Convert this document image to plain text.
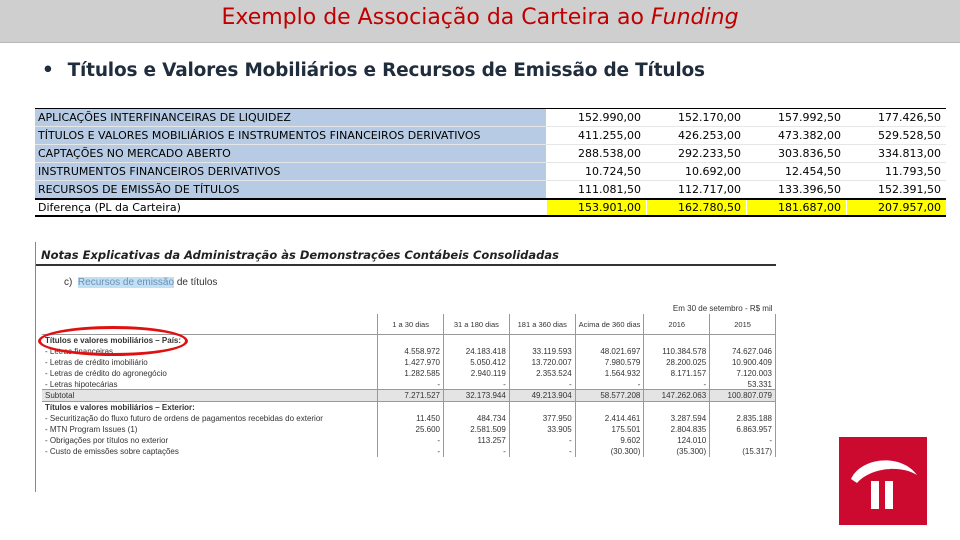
Exemplo de Associação da Carteira ao Funding
• Títulos e Valores Mobiliários e Recursos de Emissão de Títulos
APLICAÇÕES INTERFINANCEIRAS DE LIQUIDEZ	152.990,00	152.170,00	157.992,50	177.426,50
TÍTULOS E VALORES MOBILIÁRIOS E INSTRUMENTOS FINANCEIROS DERIVATIVOS	411.255,00	426.253,00	473.382,00	529.528,50
CAPTAÇÕES NO MERCADO ABERTO	288.538,00	292.233,50	303.836,50	334.813,00
INSTRUMENTOS FINANCEIROS DERIVATIVOS	10.724,50	10.692,00	12.454,50	11.793,50
RECURSOS DE EMISSÃO DE TÍTULOS	111.081,50	112.717,00	133.396,50	152.391,50
Diferença (PL da Carteira)	153.901,00	162.780,50	181.687,00	207.957,00
Notas Explicativas da Administração às Demonstrações Contábeis Consolidadas
c) Recursos de emissão de títulos
Em 30 de setembro - R$ mil						
	1 a 30 dias	31 a 180 dias	181 a 360 dias	Acima de 360 dias	2016	2015
Títulos e valores mobiliários – País:						
- Letras financeiras	4.558.972	24.183.418	33.119.593	48.021.697	110.384.578	74.627.046
- Letras de crédito imobiliário	1.427.970	5.050.412	13.720.007	7.980.579	28.200.025	10.900.409
- Letras de crédito do agronegócio	1.282.585	2.940.119	2.353.524	1.564.932	8.171.157	7.120.003
- Letras hipotecárias	-	-	-	-	-	53.331
Subtotal	7.271.527	32.173.944	49.213.904	58.577.208	147.262.063	100.807.079
Títulos e valores mobiliários – Exterior:						
- Securitização do fluxo futuro de ordens de pagamentos recebidas do exterior	11.450	484.734	377.950	2.414.461	3.287.594	2.835.188
- MTN Program Issues (1)	25.600	2.581.509	33.905	175.501	2.804.835	6.863.957
- Obrigações por títulos no exterior	-	113.257	-	9.602	124.010	-
- Custo de emissões sobre captações	-	-	-	(30.300)	(35.300)	(15.317)
